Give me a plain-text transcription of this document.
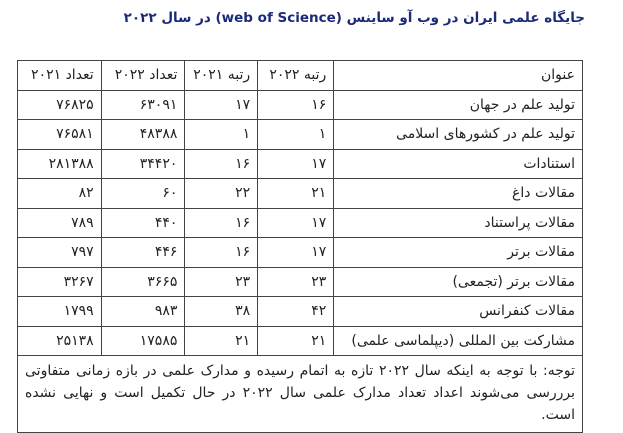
جایگاه علمی ایران در وب آو ساینس (web of Science) در سال ۲۰۲۲
عنوان	رتبه ۲۰۲۲	رتبه ۲۰۲۱	تعداد ۲۰۲۲	تعداد ۲۰۲۱
تولید علم در جهان	۱۶	۱۷	۶۳۰۹۱	۷۶۸۲۵
تولید علم در کشورهای اسلامی	۱	۱	۴۸۳۸۸	۷۶۵۸۱
استنادات	۱۷	۱۶	۳۴۴۲۰	۲۸۱۳۸۸
مقالات داغ	۲۱	۲۲	۶۰	۸۲
مقالات پراستناد	۱۷	۱۶	۴۴۰	۷۸۹
مقالات برتر	۱۷	۱۶	۴۴۶	۷۹۷
مقالات برتر (تجمعی)	۲۳	۲۳	۳۶۶۵	۳۲۶۷
مقالات کنفرانس	۴۲	۳۸	۹۸۳	۱۷۹۹
مشارکت بین المللی (دیپلماسی علمی)	۲۱	۲۱	۱۷۵۸۵	۲۵۱۳۸
توجه: با توجه به اینکه سال ۲۰۲۲ تازه به اتمام رسیده و مدارک علمی در بازه زمانی متفاوتی برررسی می‌شوند اعداد تعداد مدارک علمی سال ۲۰۲۲ در حال تکمیل است و نهایی نشده است.				
